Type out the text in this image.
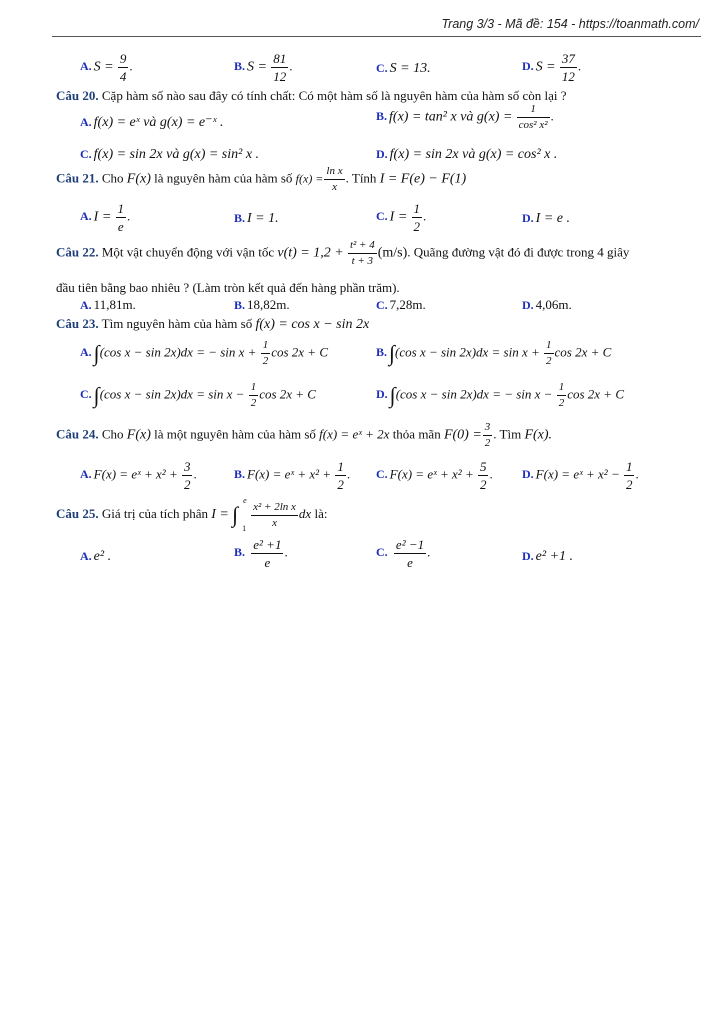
Trang 3/3 - Mã đề: 154 - https://toanmath.com/
A. $S = \frac{9}{4}$ .	B. $S = \frac{81}{12}$ .	C. S = 13.	D. $S = \frac{37}{12}$ .
Câu 20. Cặp hàm số nào sau đây có tính chất: Có một hàm số là nguyên hàm của hàm số còn lại ?
A. f(x) = eˣ và g(x) = e⁻ˣ .	B. f(x) = tan² x và $g(x) = \frac{1}{\text{cos² x²}}$ .
C. f(x) = sin 2x và g(x) = sin² x .	D. f(x) = sin 2x và g(x) = cos² x .
Câu 21. Cho F(x) là nguyên hàm của hàm số $f(x) = \frac{\text{ln x}}{x}$ . Tính I = F(e) − F(1)
A. $I = \frac{1}{e}$ .	B. I = 1.	C. $I = \frac{1}{2}$ .	D. I = e .
Câu 22. Một vật chuyển động với vận tốc $v(t) = 1,2 + \frac{\text{t² + 4}}{t + 3} (m/s)$. Quãng đường vật đó đi được trong 4 giây
đầu tiên bằng bao nhiêu ? (Làm tròn kết quả đến hàng phần trăm).
A. 11,81m.	B. 18,82m.	C. 7,28m.	D. 4,06m.
Câu 23. Tìm nguyên hàm của hàm số f(x) = cos x − sin 2x
A.∫(cos x − sin 2x)dx = − $\sin x + \frac{1}{2}$ cos 2x + C	B.∫(cos $x - \sin 2x)dx = \sin x + \frac{1}{2}$ cos 2x + C
C.∫(cos $x - \sin 2x)dx = \sin x - \frac{1}{2}$ cos 2x + C	D.∫(cos x − sin 2x)dx = − $\sin x - \frac{1}{2}$ cos 2x + C
Câu 24. Cho F(x) là một nguyên hàm của hàm số f(x) = eˣ + 2x thỏa mãn $F(0) = \frac{3}{2}$ . Tìm F(x).
A. F(x) = eˣ + $x^2 + \frac{3}{2}$ .	B. F(x) = eˣ + $x^2 + \frac{1}{2}$ . C. F(x) = eˣ + $x^2 + \frac{5}{2}$ . D. F(x) = eˣ + $x^2 - \frac{1}{2}$ .
Câu 25. Giá trị của tích phân I = ∫
e
$1 \frac{\text{x² + 2ln x}}{x}$ dx là:
A. e² .	B. $\frac{\text{e² +1}}{e}$ .	C. $\frac{\text{e² −1}}{e}$ .	D. e² +1 .
